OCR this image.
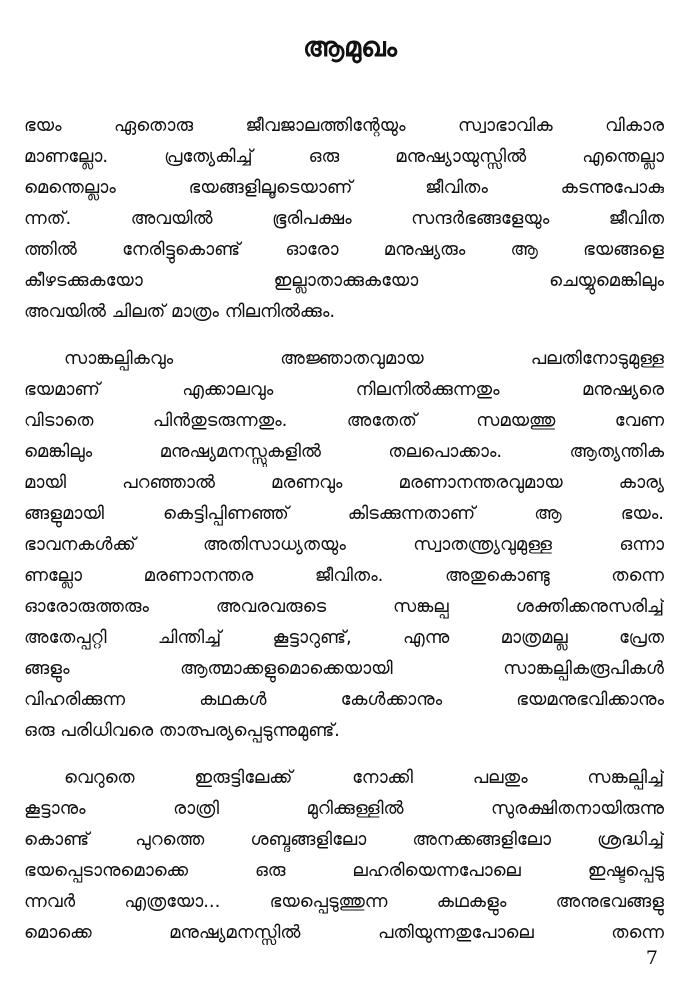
ആമുഖം
ഭയം ഏതൊരു ജീവജാലത്തിന്റേയും സ്വാഭാവിക വികാര
മാണല്ലോ. പ്രത്യേകിച്ച് ഒരു മനുഷ്യായുസ്സിൽ എന്തെല്ലാ
മെന്തെല്ലാം ഭയങ്ങളിലൂടെയാണ് ജീവിതം കടന്നുപോകു
ന്നത്. അവയിൽ ഭൂരിപക്ഷം സന്ദർഭങ്ങളേയും ജീവിത
ത്തിൽ നേരിട്ടുകൊണ്ട് ഓരോ മനുഷ്യരും ആ ഭയങ്ങളെ
കീഴടക്കുകയോ ഇല്ലാതാക്കുകയോ ചെയ്യുമെങ്കിലും
അവയിൽ ചിലത് മാത്രം നിലനിൽക്കും.
സാങ്കല്പികവും അജ്ഞാതവുമായ പലതിനോടുമുള്ള
ഭയമാണ് എക്കാലവും നിലനിൽക്കുന്നതും മനുഷ്യരെ
വിടാതെ പിൻതുടരുന്നതും. അതേത് സമയത്തു വേണ
മെങ്കിലും മനുഷ്യമനസ്സുകളിൽ തലപൊക്കാം. ആത്യന്തിക
മായി പറഞ്ഞാൽ മരണവും മരണാനന്തരവുമായ കാര്യ
ങ്ങളുമായി കെട്ടിപ്പിണഞ്ഞ് കിടക്കുന്നതാണ് ആ ഭയം.
ഭാവനകൾക്ക് അതിസാധ്യതയും സ്വാതന്ത്ര്യവുമുള്ള ഒന്നാ
ണല്ലോ മരണാനന്തര ജീവിതം. അതുകൊണ്ടു തന്നെ
ഓരോരുത്തരും അവരവരുടെ സങ്കല്പ ശക്തിക്കനുസരിച്ച്
അതേപ്പറ്റി ചിന്തിച്ച് കൂട്ടാറുണ്ട്, എന്നു മാത്രമല്ല പ്രേത
ങ്ങളും ആത്മാക്കളുമൊക്കെയായി സാങ്കല്പികരൂപികൾ
വിഹരിക്കുന്ന കഥകൾ കേൾക്കാനും ഭയമനുഭവിക്കാനും
ഒരു പരിധിവരെ താത്പര്യപ്പെടുന്നുമുണ്ട്.
വെറുതെ ഇരുട്ടിലേക്ക് നോക്കി പലതും സങ്കല്പിച്ച്
കൂട്ടാനും രാത്രി മുറിക്കുള്ളിൽ സുരക്ഷിതനായിരുന്നു
കൊണ്ട് പുറത്തെ ശബ്ദങ്ങളിലോ അനക്കങ്ങളിലോ ശ്രദ്ധിച്ച്
ഭയപ്പെടാനുമൊക്കെ ഒരു ലഹരിയെന്നപോലെ ഇഷ്ടപ്പെടു
ന്നവർ എത്രയോ... ഭയപ്പെടുത്തുന്ന കഥകളും അനുഭവങ്ങളു
മൊക്കെ മനുഷ്യമനസ്സിൽ പതിയുന്നതുപോലെ തന്നെ
7
